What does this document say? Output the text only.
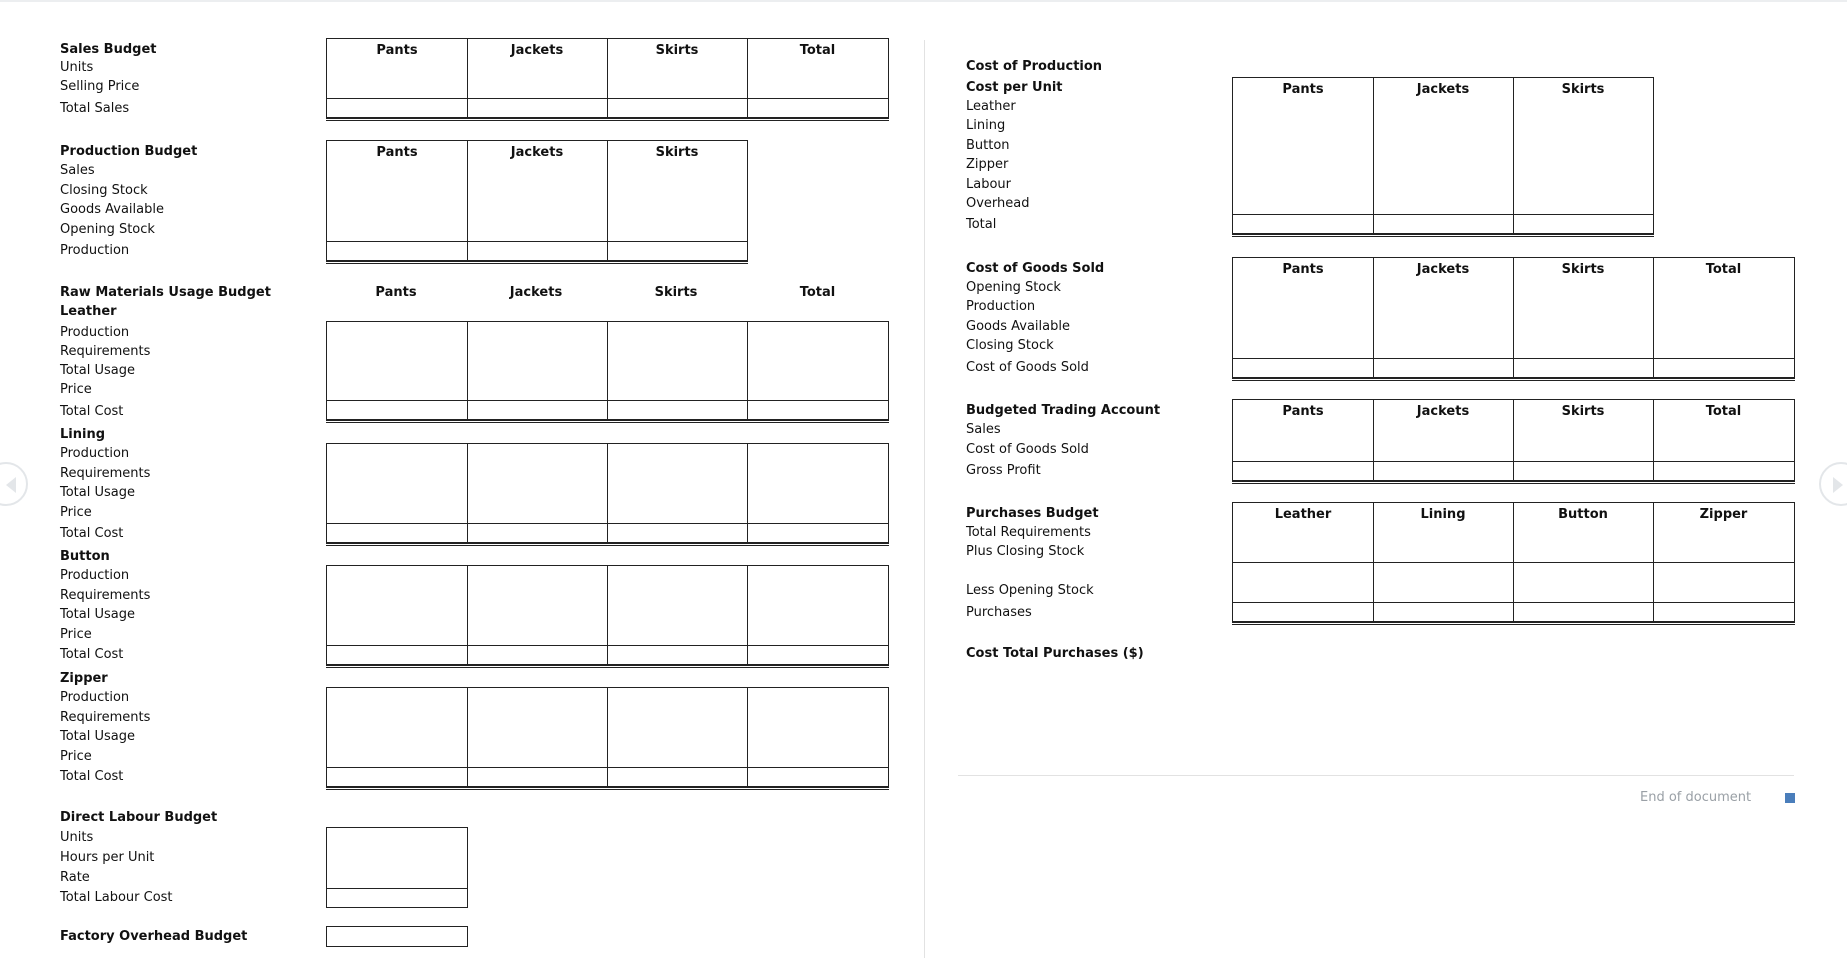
Sales Budget
Units
Selling Price
Total Sales
Pants	Jackets	Skirts	Total
Production Budget
Sales
Closing Stock
Goods Available
Opening Stock
Production
Pants	Jackets	Skirts
Raw Materials Usage Budget	Pants	Jackets	Skirts	Total
Leather
Production
Requirements
Total Usage
Price
Total Cost
Lining
Production
Requirements
Total Usage
Price
Total Cost
Button
Production
Requirements
Total Usage
Price
Total Cost
Zipper
Production
Requirements
Total Usage
Price
Total Cost
Direct Labour Budget
Units
Hours per Unit
Rate
Total Labour Cost
Factory Overhead Budget
Cost of Production
Cost per Unit
Leather
Lining
Button
Zipper
Labour
Overhead
Total
Pants	Jackets	Skirts
Cost of Goods Sold
Opening Stock
Production
Goods Available
Closing Stock
Cost of Goods Sold
Pants	Jackets	Skirts	Total
Budgeted Trading Account
Sales
Cost of Goods Sold
Gross Profit
Pants	Jackets	Skirts	Total
Purchases Budget
Total Requirements
Plus Closing Stock
Less Opening Stock
Purchases
Leather	Lining	Button	Zipper
Cost Total Purchases ($)
End of document
